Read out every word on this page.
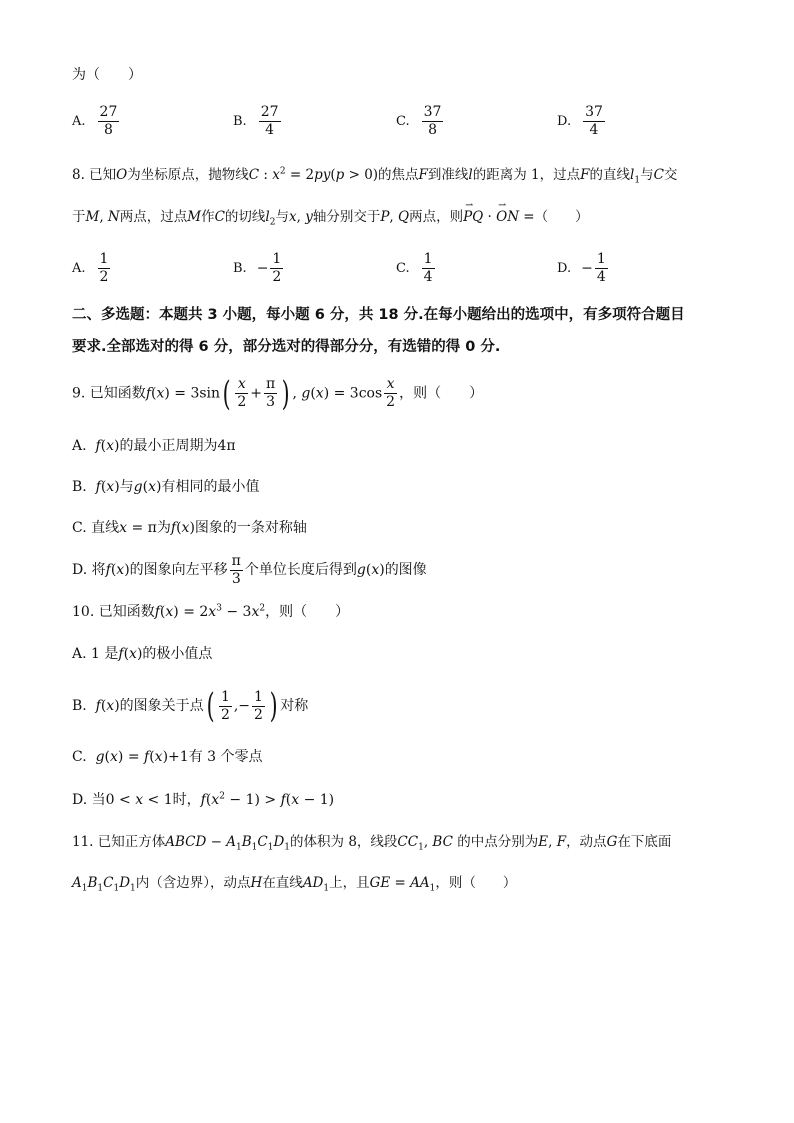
为（　　）
A. $\frac{27}{8}$	B. $\frac{27}{4}$	C. $\frac{37}{8}$	D. $\frac{37}{4}$
8. 已知O为坐标原点，抛物线C : $x^2 = 2py(p > 0)$的焦点F到准线l的距离为 1，过点F的直线$l_1$与C交
于M, N两点，过点M作C的切线$l_2$与x, y轴分别交于P, Q两点，则⇀ PQ · ⇀ ON =（　　）
A. $\frac{1}{2}$	B. − $\frac{1}{2}$	C. $\frac{1}{4}$	D. − $\frac{1}{4}$
二、多选题：本题共 3 小题，每小题 6 分，共 18 分.在每小题给出的选项中，有多项符合题目
要求.全部选对的得 6 分，部分选对的得部分分，有选错的得 0 分.
9. 已知函数$f(x) = 3\sin( \frac{x}{2} + \frac{\pi}{3}$ ) , $g(x) = 3\cos \frac{x}{2}$ ，则（　　）
A.  f(x)的最小正周期为4π
B.  f(x)与g(x)有相同的最小值
C. 直线x = π为f(x)图象的一条对称轴
D. 将f(x)的图象向左平移 $\frac{\pi}{3}$ 个单位长度后得到g(x)的图像
10. 已知函数$f(x) = 2x^3 - 3x^2$，则（　　）
A. 1 是f(x)的极小值点
B.  f(x)的图象关于点( $\frac{1}{2}$ ,− $\frac{1}{2}$ ) 对称
C.  g(x) = f(x)+1有 3 个零点
D. 当0 < x < 1时，$f(x^2 - 1) > f(x - 1)$
11. 已知正方体ABCD − $A_1B_1C_1D_1$的体积为 8，线段$CC_1$, BC 的中点分别为E, F，动点G在下底面
$A_1B_1C_1D_1$内（含边界），动点H在直线$AD_1$上，且GE = $AA_1$，则（　　）
